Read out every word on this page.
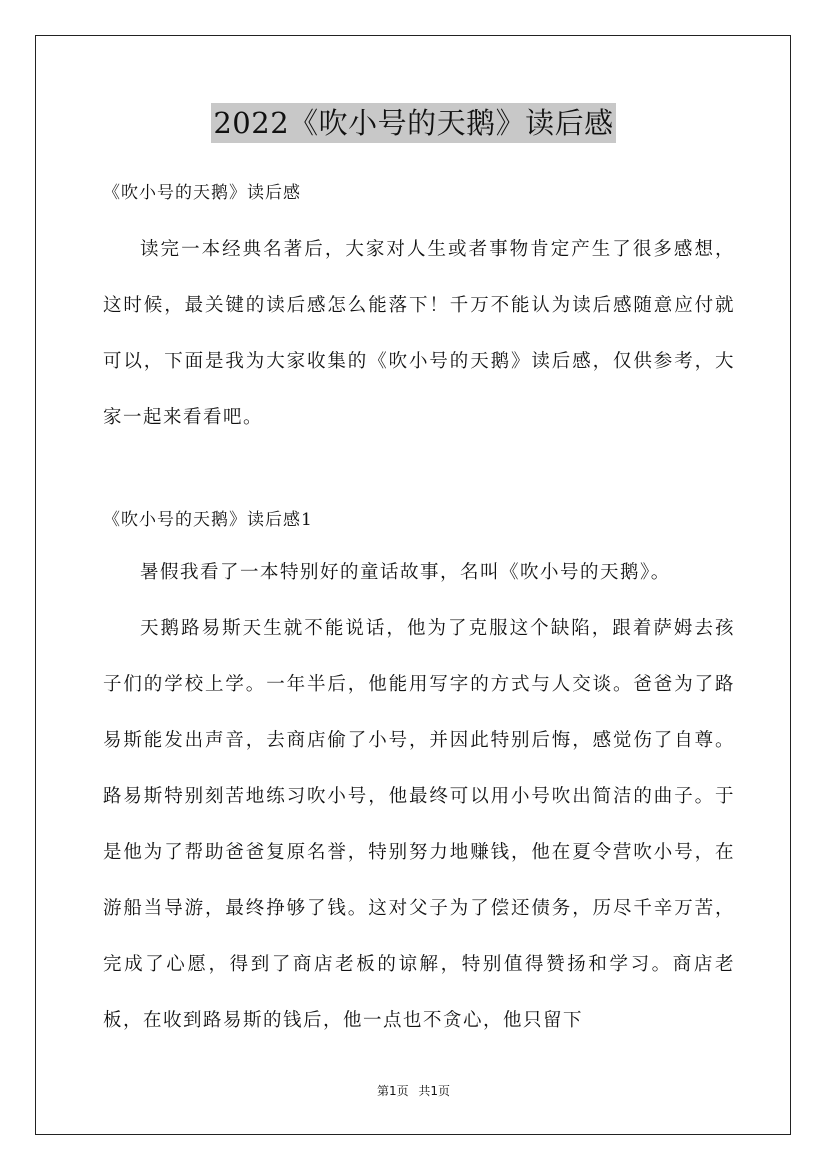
2022《吹小号的天鹅》读后感

《吹小号的天鹅》读后感

读完一本经典名著后，大家对人生或者事物肯定产生了很多感想，这时候，最关键的读后感怎么能落下！千万不能认为读后感随意应付就可以，下面是我为大家收集的《吹小号的天鹅》读后感，仅供参考，大家一起来看看吧。

《吹小号的天鹅》读后感1

暑假我看了一本特别好的童话故事，名叫《吹小号的天鹅》。

天鹅路易斯天生就不能说话，他为了克服这个缺陷，跟着萨姆去孩子们的学校上学。一年半后，他能用写字的方式与人交谈。爸爸为了路易斯能发出声音，去商店偷了小号，并因此特别后悔，感觉伤了自尊。路易斯特别刻苦地练习吹小号，他最终可以用小号吹出简洁的曲子。于是他为了帮助爸爸复原名誉，特别努力地赚钱，他在夏令营吹小号，在游船当导游，最终挣够了钱。这对父子为了偿还债务，历尽千辛万苦，完成了心愿，得到了商店老板的谅解，特别值得赞扬和学习。商店老板，在收到路易斯的钱后，他一点也不贪心，他只留下

第1页 共1页
